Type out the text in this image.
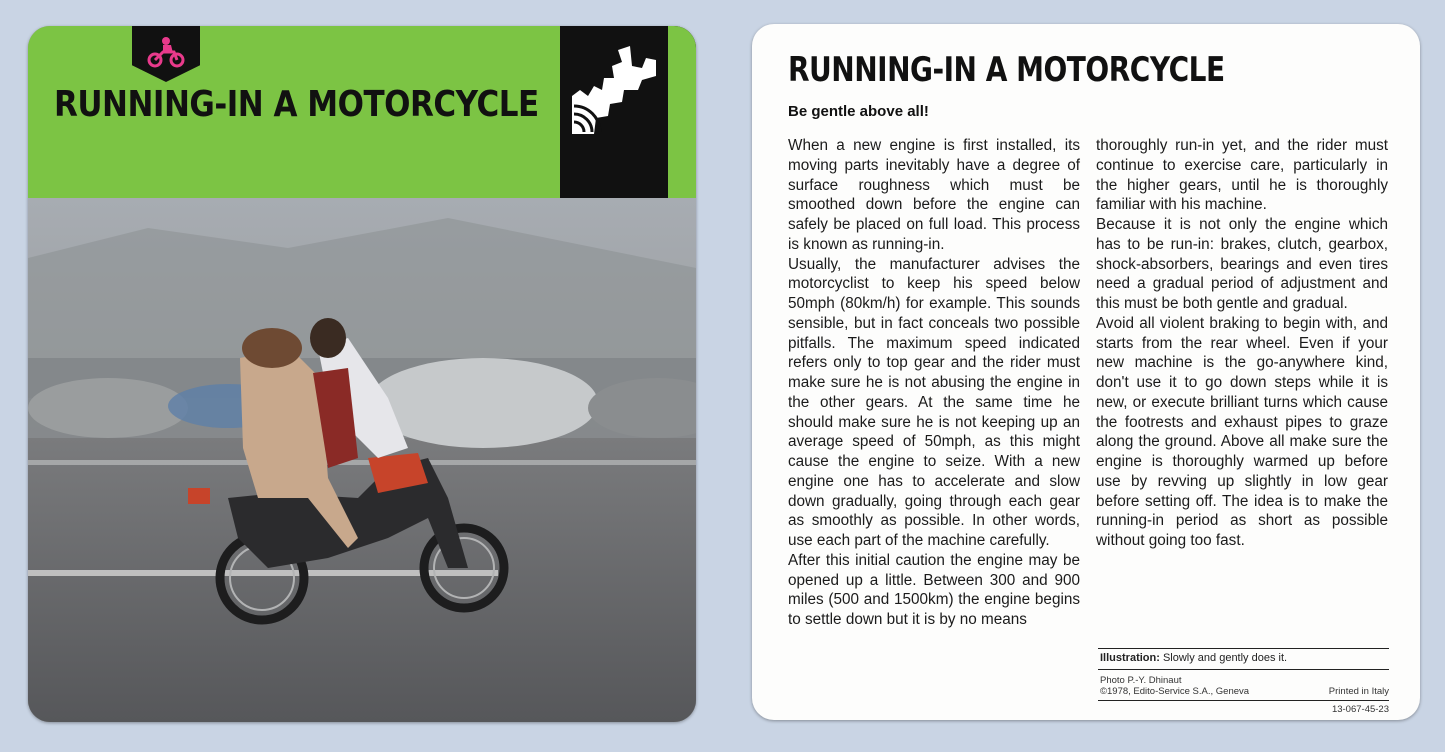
RUNNING-IN A MOTORCYCLE
RUNNING-IN A MOTORCYCLE

Be gentle above all!

When a new engine is first installed, its moving parts inevitably have a degree of surface roughness which must be smoothed down before the engine can safely be placed on full load. This process is known as running-in.

Usually, the manufacturer advises the motorcyclist to keep his speed below 50mph (80km/h) for example. This sounds sensible, but in fact conceals two possible pitfalls. The maximum speed indicated refers only to top gear and the rider must make sure he is not abusing the engine in the other gears. At the same time he should make sure he is not keeping up an average speed of 50mph, as this might cause the engine to seize. With a new engine one has to accelerate and slow down gradually, going through each gear as smoothly as possible. In other words, use each part of the machine carefully.

After this initial caution the engine may be opened up a little. Between 300 and 900 miles (500 and 1500km) the engine begins to settle down but it is by no means

thoroughly run-in yet, and the rider must continue to exercise care, particularly in the higher gears, until he is thoroughly familiar with his machine.

Because it is not only the engine which has to be run-in: brakes, clutch, gearbox, shock-absorbers, bearings and even tires need a gradual period of adjustment and this must be both gentle and gradual.

Avoid all violent braking to begin with, and starts from the rear wheel. Even if your new machine is the go-anywhere kind, don't use it to go down steps while it is new, or execute brilliant turns which cause the footrests and exhaust pipes to graze along the ground. Above all make sure the engine is thoroughly warmed up before use by revving up slightly in low gear before setting off. The idea is to make the running-in period as short as possible without going too fast.

Illustration: Slowly and gently does it.
Photo P.-Y. Dhinaut
©1978, Edito-Service S.A., Geneva	Printed in Italy
13-067-45-23
